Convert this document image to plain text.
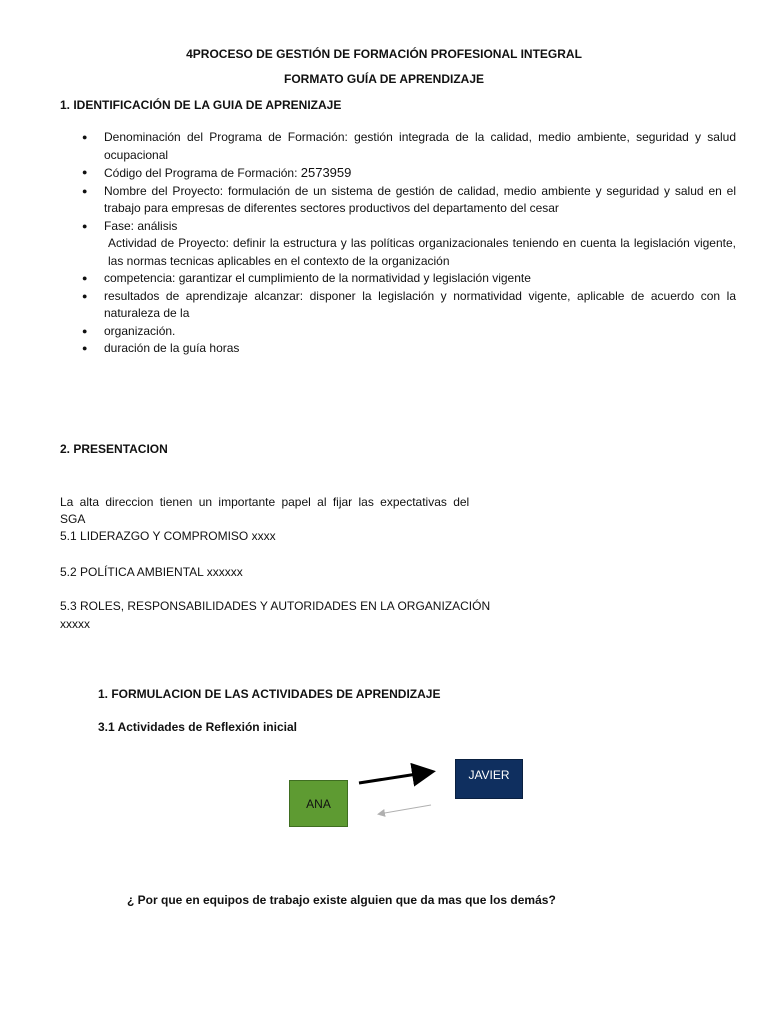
4PROCESO DE GESTIÓN DE FORMACIÓN PROFESIONAL INTEGRAL

FORMATO GUÍA DE APRENDIZAJE

1. IDENTIFICACIÓN DE LA GUIA DE APRENIZAJE

● Denominación del Programa de Formación: gestión integrada de la calidad, medio ambiente, seguridad y salud ocupacional
● Código del Programa de Formación: 2573959
● Nombre del Proyecto: formulación de un sistema de gestión de calidad, medio ambiente y seguridad y salud en el trabajo para empresas de diferentes sectores productivos del departamento del cesar
● Fase: análisis
Actividad de Proyecto: definir la estructura y las políticas organizacionales teniendo en cuenta la legislación vigente, las normas tecnicas aplicables en el contexto de la organización
● competencia: garantizar el cumplimiento de la normatividad y legislación vigente
● resultados de aprendizaje alcanzar: disponer la legislación y normatividad vigente, aplicable de acuerdo con la naturaleza de la
● organización.
● duración de la guía horas

2. PRESENTACION

La alta direccion tienen un importante papel al fijar las expectativas del SGA

5.1 LIDERAZGO Y COMPROMISO xxxx

5.2 POLÍTICA AMBIENTAL xxxxxx

5.3 ROLES, RESPONSABILIDADES Y AUTORIDADES EN LA ORGANIZACIÓN

xxxxx

1. FORMULACION DE LAS ACTIVIDADES DE APRENDIZAJE

3.1 Actividades de Reflexión inicial

ANA
JAVIER

¿ Por que en equipos de trabajo existe alguien que da mas que los demás?
